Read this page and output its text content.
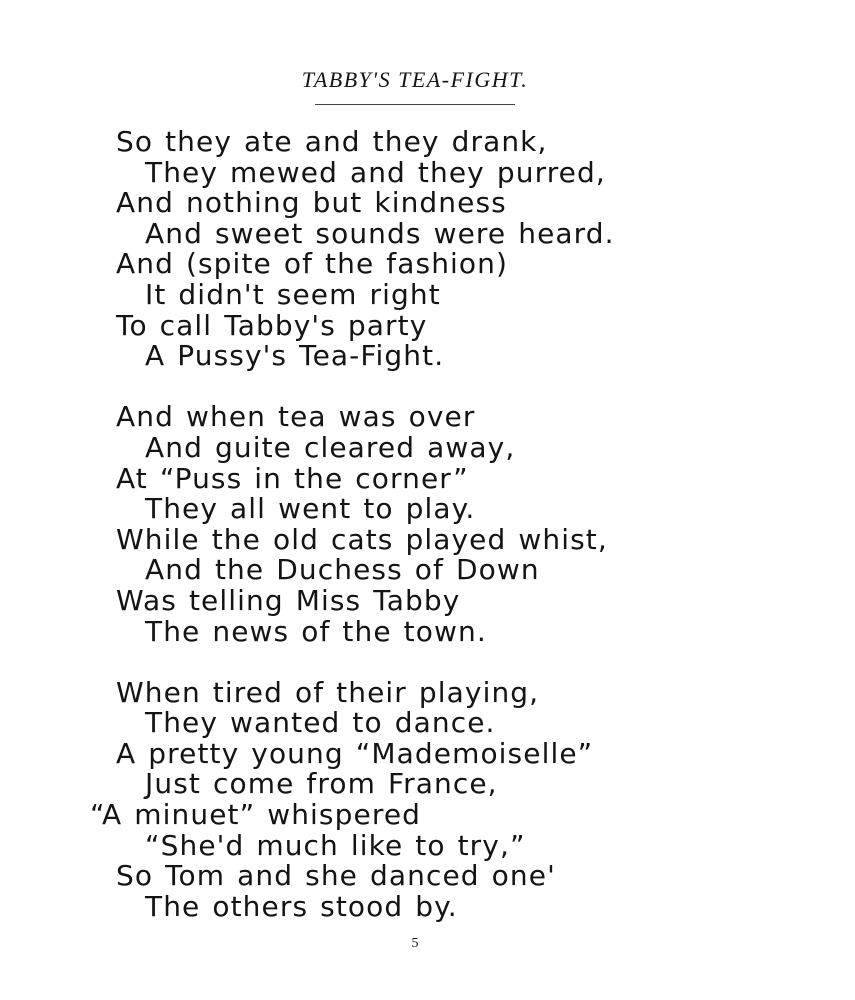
TABBY'S TEA-FIGHT.
So they ate and they drank,
They mewed and they purred,
And nothing but kindness
And sweet sounds were heard.
And (spite of the fashion)
It didn't seem right
To call Tabby's party
A Pussy's Tea-Fight.
And when tea was over
And guite cleared away,
At “Puss in the corner”
They all went to play.
While the old cats played whist,
And the Duchess of Down
Was telling Miss Tabby
The news of the town.
When tired of their playing,
They wanted to dance.
A pretty young “Mademoiselle”
Just come from France,
“A minuet” whispered
“She'd much like to try,”
So Tom and she danced one'
The others stood by.
5
